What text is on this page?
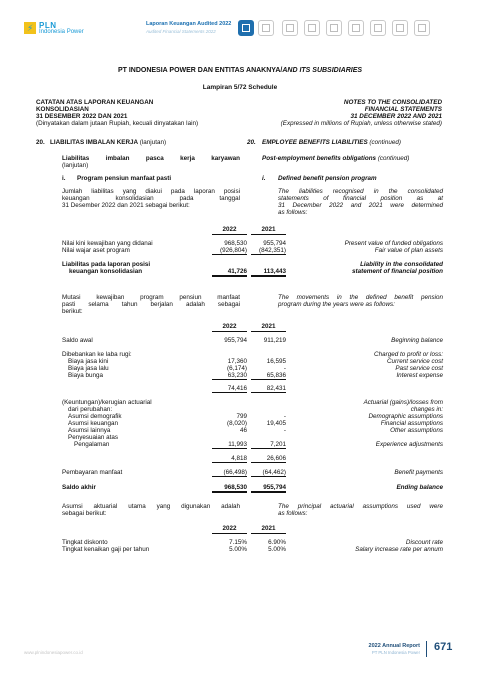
⚡ PLN
Indonesia Power
Laporan Keuangan Audited 2022
Audited Financial Statements 2022
PT INDONESIA POWER DAN ENTITAS ANAKNYA/AND ITS SUBSIDIARIES
Lampiran 5/72 Schedule
CATATAN ATAS LAPORAN KEUANGAN
KONSOLIDASIAN
31 DESEMBER 2022 DAN 2021
(Dinyatakan dalam jutaan Rupiah, kecuali dinyatakan lain)
NOTES TO THE CONSOLIDATED
FINANCIAL STATEMENTS
31 DECEMBER 2022 AND 2021
(Expressed in millions of Rupiah, unless otherwise stated)
20. LIABILITAS IMBALAN KERJA (lanjutan)	20. EMPLOYEE BENEFITS LIABILITIES (continued)
Liabilitas imbalan pasca kerja karyawan
(lanjutan)
Post-employment benefits obligations (continued)
i. Program pensiun manfaat pasti	i. Defined benefit pension program
Jumlah liabilitas yang diakui pada laporan posisi
keuangan konsolidasian pada tanggal
31 Desember 2022 dan 2021 sebagai berikut:
The liabilities recognised in the consolidated
statements of financial position as at
31 December 2022 and 2021 were determined
as follows:
2022	2021
Nilai kini kewajiban yang didanai	968,530	955,794	Present value of funded obligations
Nilai wajar aset program	(926,804)	(842,351)	Fair value of plan assets
Liabilitas pada laporan posisi
keuangan konsolidasian	41,726	113,443
Liability in the consolidated
statement of financial position
Mutasi kewajiban program pensiun manfaat
pasti selama tahun berjalan adalah sebagai
berikut:
The movements in the defined benefit pension
program during the years were as follows:
2022	2021
Saldo awal	955,794	911,219	Beginning balance
Dibebankan ke laba rugi:	Charged to profit or loss:
Biaya jasa kini	17,360	16,595	Current service cost
Biaya jasa lalu	(6,174)	-	Past service cost
Biaya bunga	63,230	65,836	Interest expense
74,416	82,431
(Keuntungan)/kerugian actuarial
dari perubahan:
Actuarial (gains)/losses from
changes in:
Asumsi demografik	799	-	Demographic assumptions
Asumsi keuangan	(8,020)	19,405	Financial assumptions
Asumsi lainnya	46	-	Other assumptions
Penyesuaian atas
Pengalaman	11,993	7,201	Experience adjustments
4,818	26,606
Pembayaran manfaat	(66,498)	(64,462)	Benefit payments
Saldo akhir	968,530	955,794	Ending balance
Asumsi aktuarial utama yang digunakan adalah
sebagai berikut:
The principal actuarial assumptions used were
as follows:
2022	2021
Tingkat diskonto	7.15%	6.90%	Discount rate
Tingkat kenaikan gaji per tahun	5.00%	5.00%	Salary increase rate per annum
www.plnindonesiapower.co.id
2022 Annual Report
PT PLN Indonesia Power 671
